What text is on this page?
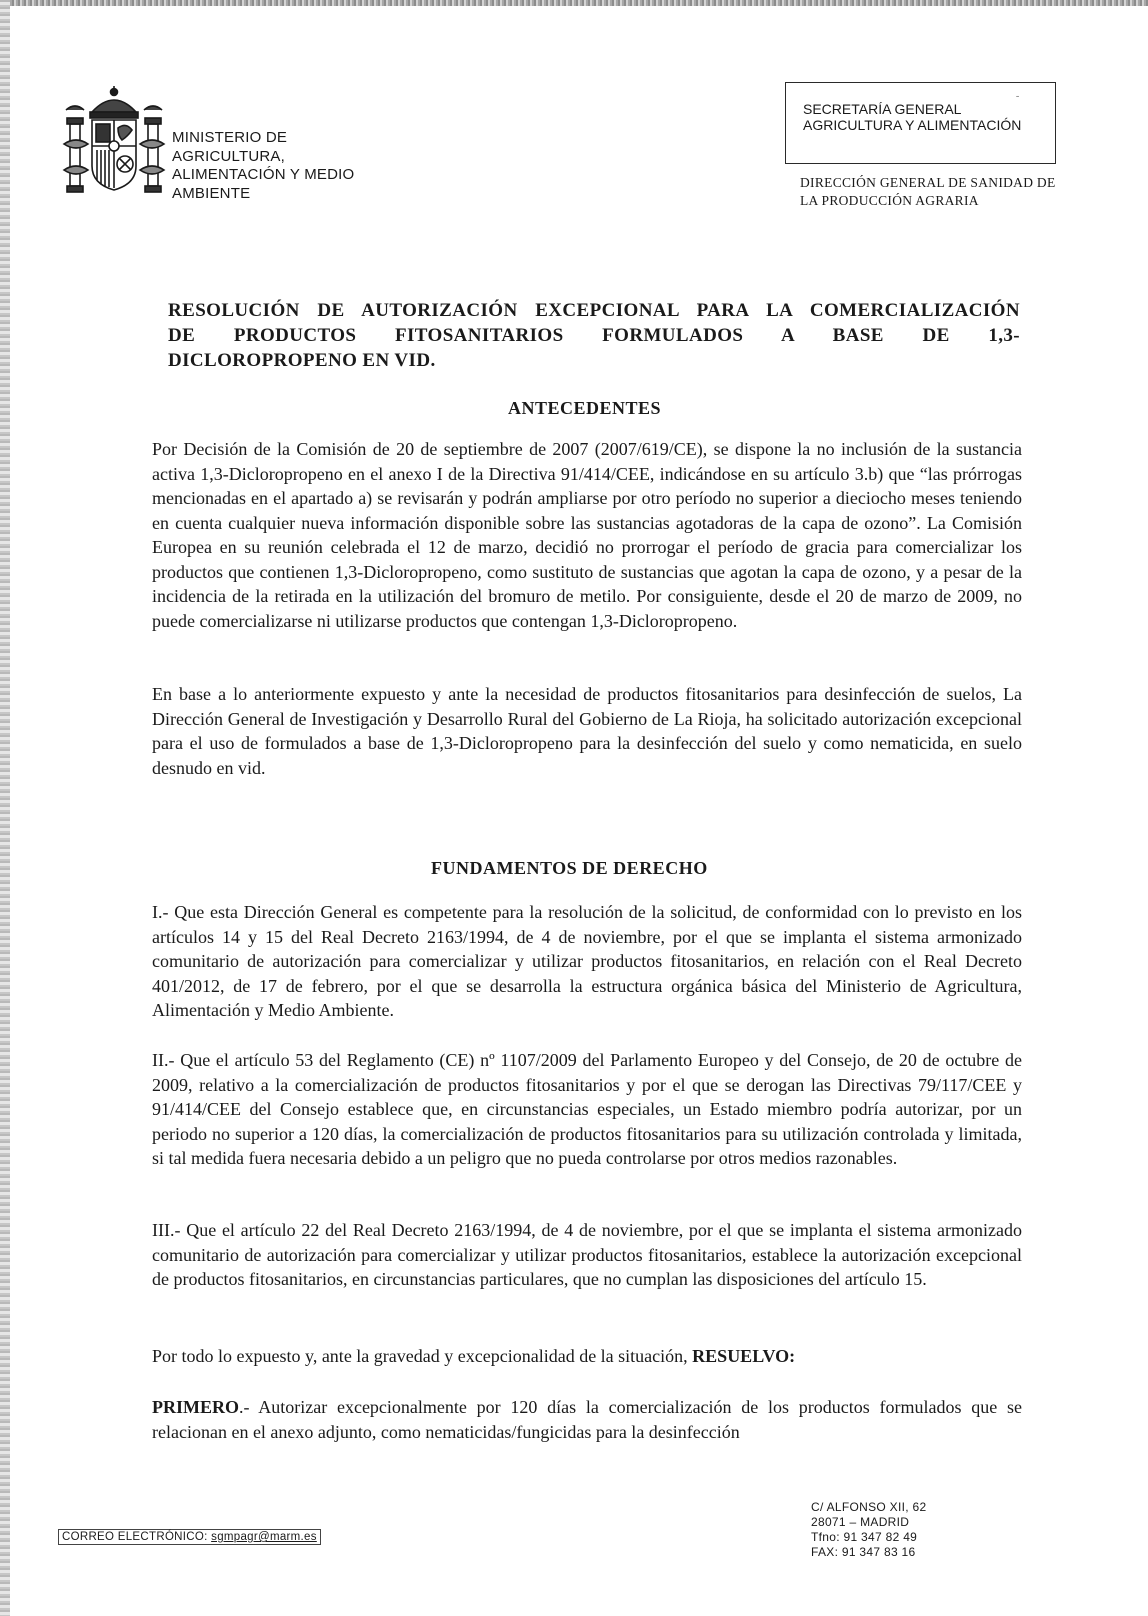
MINISTERIO DE
AGRICULTURA,
ALIMENTACIÓN Y MEDIO
AMBIENTE
SECRETARÍA GENERAL
AGRICULTURA Y ALIMENTACIÓN
ˉ
DIRECCIÓN GENERAL DE SANIDAD DE
LA PRODUCCIÓN AGRARIA
RESOLUCIÓN DE AUTORIZACIÓN EXCEPCIONAL PARA LA COMERCIALIZACIÓN
DE PRODUCTOS FITOSANITARIOS FORMULADOS A BASE DE 1,3-
DICLOROPROPENO EN VID.
ANTECEDENTES

Por Decisión de la Comisión de 20 de septiembre de 2007 (2007/619/CE), se dispone la no inclusión de la sustancia activa 1,3-Dicloropropeno en el anexo I de la Directiva 91/414/CEE, indicándose en su artículo 3.b) que “las prórrogas mencionadas en el apartado a) se revisarán y podrán ampliarse por otro período no superior a dieciocho meses teniendo en cuenta cualquier nueva información disponible sobre las sustancias agotadoras de la capa de ozono”. La Comisión Europea en su reunión celebrada el 12 de marzo, decidió no prorrogar el período de gracia para comercializar los productos que contienen 1,3-Dicloropropeno, como sustituto de sustancias que agotan la capa de ozono, y a pesar de la incidencia de la retirada en la utilización del bromuro de metilo. Por consiguiente, desde el 20 de marzo de 2009, no puede comercializarse ni utilizarse productos que contengan 1,3-Dicloropropeno.

En base a lo anteriormente expuesto y ante la necesidad de productos fitosanitarios para desinfección de suelos, La Dirección General de Investigación y Desarrollo Rural del Gobierno de La Rioja, ha solicitado autorización excepcional para el uso de formulados a base de 1,3-Dicloropropeno para la desinfección del suelo y como nematicida, en suelo desnudo en vid.

FUNDAMENTOS DE DERECHO

I.- Que esta Dirección General es competente para la resolución de la solicitud, de conformidad con lo previsto en los artículos 14 y 15 del Real Decreto 2163/1994, de 4 de noviembre, por el que se implanta el sistema armonizado comunitario de autorización para comercializar y utilizar productos fitosanitarios, en relación con el Real Decreto 401/2012, de 17 de febrero, por el que se desarrolla la estructura orgánica básica del Ministerio de Agricultura, Alimentación y Medio Ambiente.

II.- Que el artículo 53 del Reglamento (CE) nº 1107/2009 del Parlamento Europeo y del Consejo, de 20 de octubre de 2009, relativo a la comercialización de productos fitosanitarios y por el que se derogan las Directivas 79/117/CEE y 91/414/CEE del Consejo establece que, en circunstancias especiales, un Estado miembro podría autorizar, por un periodo no superior a 120 días, la comercialización de productos fitosanitarios para su utilización controlada y limitada, si tal medida fuera necesaria debido a un peligro que no pueda controlarse por otros medios razonables.

III.- Que el artículo 22 del Real Decreto 2163/1994, de 4 de noviembre, por el que se implanta el sistema armonizado comunitario de autorización para comercializar y utilizar productos fitosanitarios, establece la autorización excepcional de productos fitosanitarios, en circunstancias particulares, que no cumplan las disposiciones del artículo 15.

Por todo lo expuesto y, ante la gravedad y excepcionalidad de la situación, RESUELVO:

PRIMERO.- Autorizar excepcionalmente por 120 días la comercialización de los productos formulados que se relacionan en el anexo adjunto, como nematicidas/fungicidas para la desinfección

CORREO ELECTRÓNICO: sgmpagr@marm.es
C/ ALFONSO XII, 62
28071 – MADRID
Tfno: 91 347 82 49
FAX: 91 347 83 16
